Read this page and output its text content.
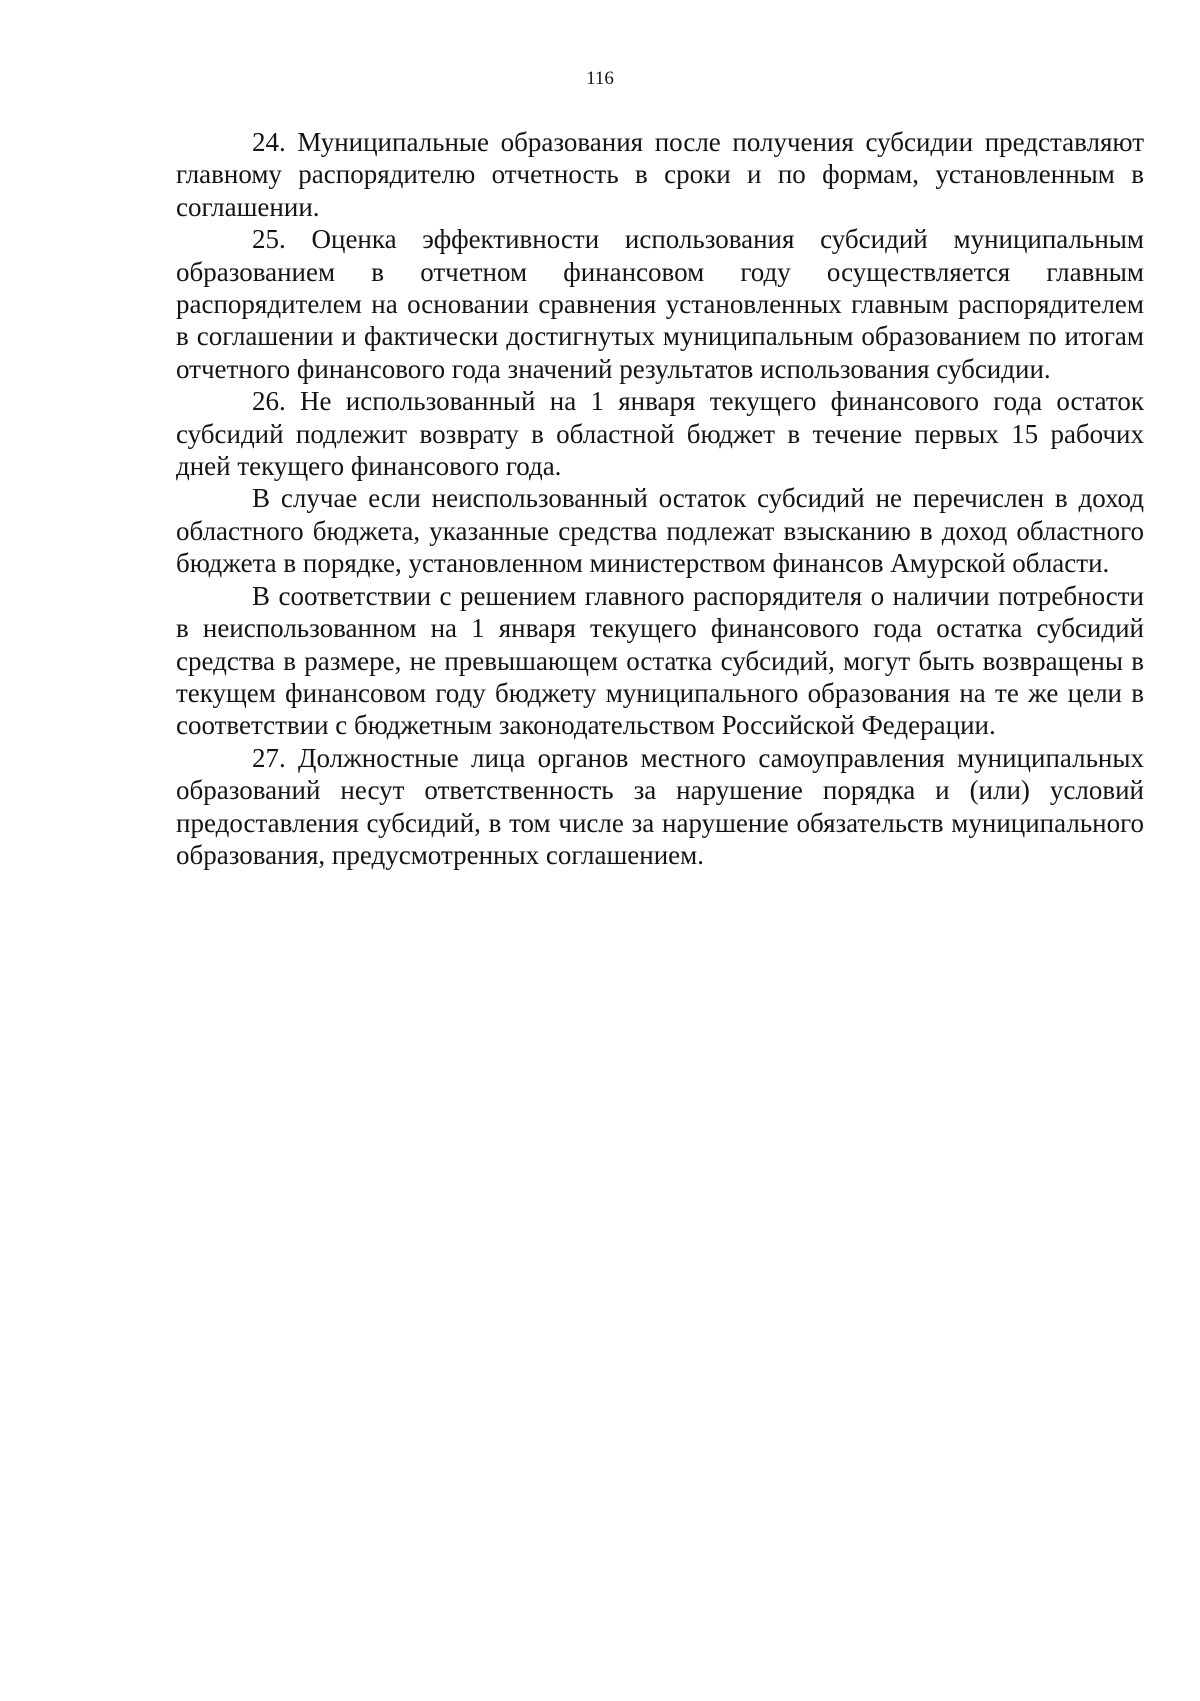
116

24. Муниципальные образования после получения субсидии представляют главному распорядителю отчетность в сроки и по формам, установленным в соглашении.

25. Оценка эффективности использования субсидий муниципальным образованием в отчетном финансовом году осуществляется главным распорядителем на основании сравнения установленных главным распорядителем в соглашении и фактически достигнутых муниципальным образованием по итогам отчетного финансового года значений результатов использования субсидии.

26. Не использованный на 1 января текущего финансового года остаток субсидий подлежит возврату в областной бюджет в течение первых 15 рабочих дней текущего финансового года.

В случае если неиспользованный остаток субсидий не перечислен в доход областного бюджета, указанные средства подлежат взысканию в доход областного бюджета в порядке, установленном министерством финансов Амурской области.

В соответствии с решением главного распорядителя о наличии потребности в неиспользованном на 1 января текущего финансового года остатка субсидий средства в размере, не превышающем остатка субсидий, могут быть возвращены в текущем финансовом году бюджету муниципального образования на те же цели в соответствии с бюджетным законодательством Российской Федерации.

27. Должностные лица органов местного самоуправления муниципальных образований несут ответственность за нарушение порядка и (или) условий предоставления субсидий, в том числе за нарушение обязательств муниципального образования, предусмотренных соглашением.
